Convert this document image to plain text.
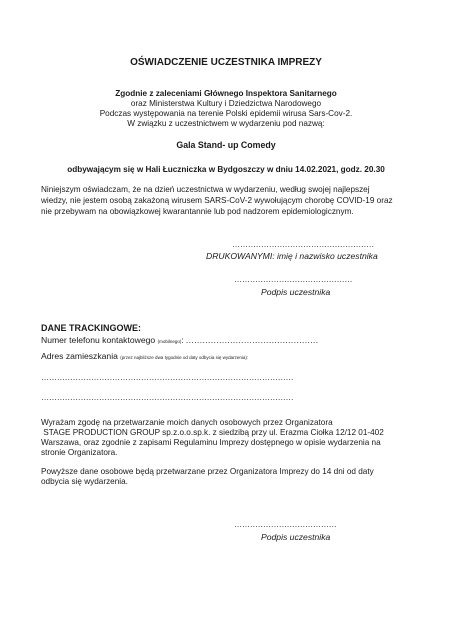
OŚWIADCZENIE UCZESTNIKA IMPREZY
Zgodnie z zaleceniami Głównego Inspektora Sanitarnego
oraz Ministerstwa Kultury i Dziedzictwa Narodowego
Podczas występowania na terenie Polski epidemii wirusa Sars-Cov-2.
W związku z uczestnictwem w wydarzeniu pod nazwą:
Gala Stand- up Comedy
odbywającym się w Hali Łuczniczka w Bydgoszczy w dniu 14.02.2021, godz. 20.30
Niniejszym oświadczam, że na dzień uczestnictwa w wydarzeniu, według swojej najlepszej
wiedzy, nie jestem osobą zakażoną wirusem SARS-CoV-2 wywołującym chorobę COVID-19 oraz
nie przebywam na obowiązkowej kwarantannie lub pod nadzorem epidemiologicznym.
………………………………………………
DRUKOWANYMI: imię i nazwisko uczestnika
………………………………………
Podpis uczestnika
DANE TRACKINGOWE:
Numer telefonu kontaktowego (mobilnego): …………………………………………
Adres zamieszkania (przez najbliższe dwa tygodnie od daty odbycia się wydarzenia):
……………………………………………………………………………………
……………………………………………………………………………………
Wyrażam zgodę na przetwarzanie moich danych osobowych przez Organizatora
STAGE PRODUCTION GROUP sp.z.o.o.sp.k. z siedzibą przy ul. Erazma Ciołka 12/12 01-402
Warszawa, oraz zgodnie z zapisami Regulaminu Imprezy dostępnego w opisie wydarzenia na
stronie Organizatora.
Powyższe dane osobowe będą przetwarzane przez Organizatora Imprezy do 14 dni od daty
odbycia się wydarzenia.
…………………………………
Podpis uczestnika
